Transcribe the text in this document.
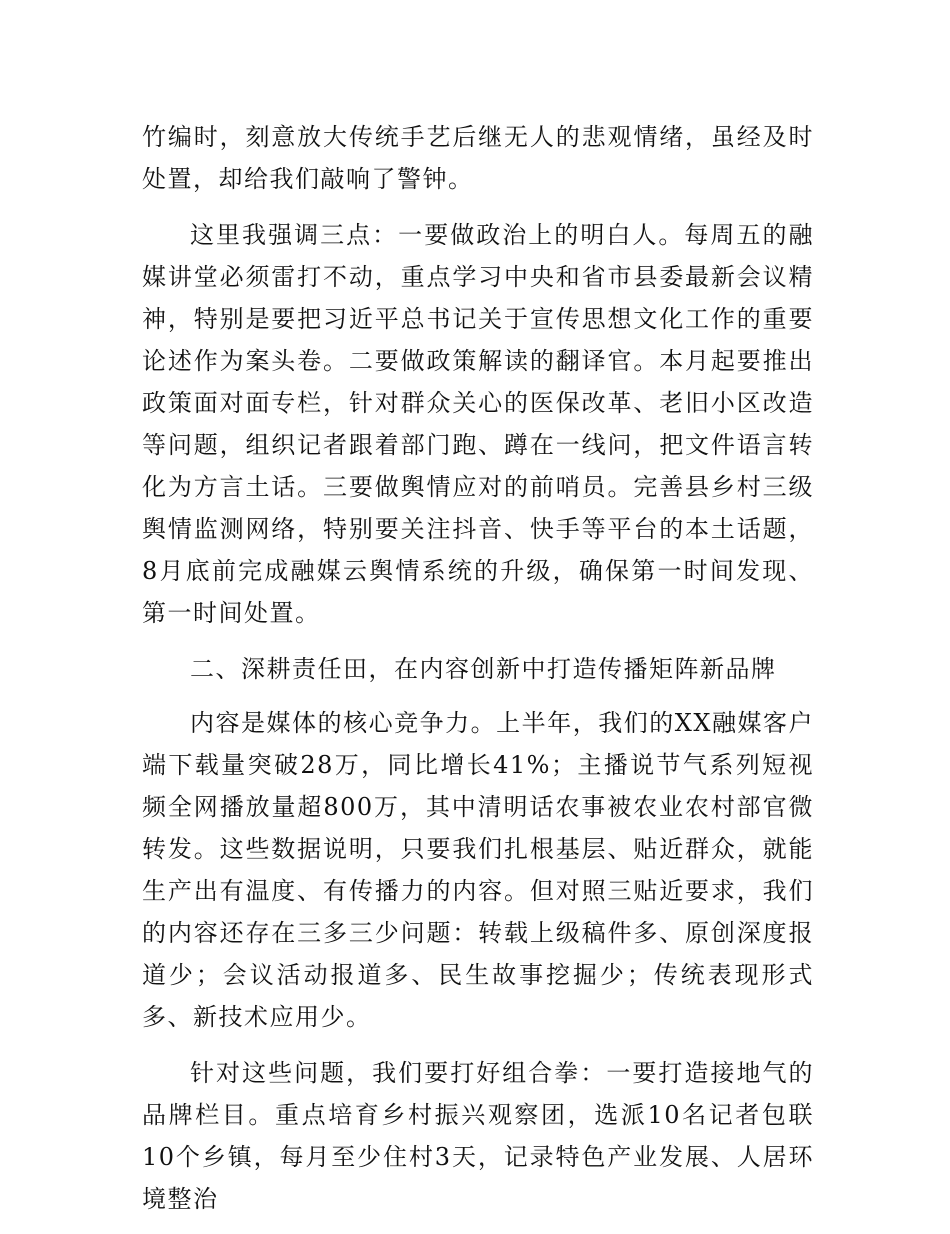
竹编时，刻意放大传统手艺后继无人的悲观情绪，虽经及时处置，却给我们敲响了警钟。

这里我强调三点：一要做政治上的明白人。每周五的融媒讲堂必须雷打不动，重点学习中央和省市县委最新会议精神，特别是要把习近平总书记关于宣传思想文化工作的重要论述作为案头卷。二要做政策解读的翻译官。本月起要推出政策面对面专栏，针对群众关心的医保改革、老旧小区改造等问题，组织记者跟着部门跑、蹲在一线问，把文件语言转化为方言土话。三要做舆情应对的前哨员。完善县乡村三级舆情监测网络，特别要关注抖音、快手等平台的本土话题，8月底前完成融媒云舆情系统的升级，确保第一时间发现、第一时间处置。

二、深耕责任田，在内容创新中打造传播矩阵新品牌

内容是媒体的核心竞争力。上半年，我们的XX融媒客户端下载量突破28万，同比增长41%；主播说节气系列短视频全网播放量超800万，其中清明话农事被农业农村部官微转发。这些数据说明，只要我们扎根基层、贴近群众，就能生产出有温度、有传播力的内容。但对照三贴近要求，我们的内容还存在三多三少问题：转载上级稿件多、原创深度报道少；会议活动报道多、民生故事挖掘少；传统表现形式多、新技术应用少。

针对这些问题，我们要打好组合拳：一要打造接地气的品牌栏目。重点培育乡村振兴观察团，选派10名记者包联10个乡镇，每月至少住村3天，记录特色产业发展、人居环境整治
